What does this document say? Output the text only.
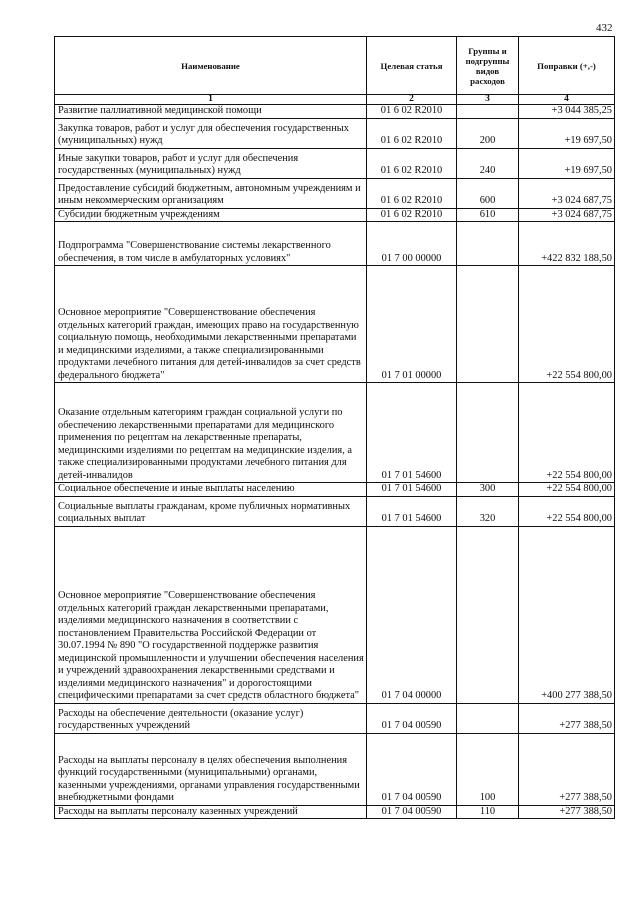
432
Наименование	Целевая статья	Группы и подгруппы видов расходов	Поправки (+,-)
1	2	3	4
Развитие паллиативной медицинской помощи	01 6 02 R2010		+3 044 385,25
Закупка товаров, работ и услуг для обеспечения государственных (муниципальных) нужд	01 6 02 R2010	200	+19 697,50
Иные закупки товаров, работ и услуг для обеспечения государственных (муниципальных) нужд	01 6 02 R2010	240	+19 697,50
Предоставление субсидий бюджетным, автономным учреждениям и иным некоммерческим организациям	01 6 02 R2010	600	+3 024 687,75
Субсидии бюджетным учреждениям	01 6 02 R2010	610	+3 024 687,75
Подпрограмма "Совершенствование системы лекарственного обеспечения, в том числе в амбулаторных условиях"	01 7 00 00000		+422 832 188,50
Основное мероприятие "Совершенствование обеспечения отдельных категорий граждан, имеющих право на государственную социальную помощь, необходимыми лекарственными препаратами и медицинскими изделиями, а также специализированными продуктами лечебного питания для детей-инвалидов за счет средств федерального бюджета"	01 7 01 00000		+22 554 800,00
Оказание отдельным категориям граждан социальной услуги по обеспечению лекарственными препаратами для медицинского применения по рецептам на лекарственные препараты, медицинскими изделиями по рецептам на медицинские изделия, а также специализированными продуктами лечебного питания для детей-инвалидов	01 7 01 54600		+22 554 800,00
Социальное обеспечение и иные выплаты населению	01 7 01 54600	300	+22 554 800,00
Социальные выплаты гражданам, кроме публичных нормативных социальных выплат	01 7 01 54600	320	+22 554 800,00
Основное мероприятие "Совершенствование обеспечения отдельных категорий граждан лекарственными препаратами, изделиями медицинского назначения в соответствии с постановлением Правительства Российской Федерации от 30.07.1994 № 890 "О государственной поддержке развития медицинской промышленности и улучшении обеспечения населения и учреждений здравоохранения лекарственными средствами и изделиями медицинского назначения" и дорогостоящими специфическими препаратами за счет средств областного бюджета"	01 7 04 00000		+400 277 388,50
Расходы на обеспечение деятельности (оказание услуг) государственных учреждений	01 7 04 00590		+277 388,50
Расходы на выплаты персоналу в целях обеспечения выполнения функций государственными (муниципальными) органами, казенными учреждениями, органами управления государственными внебюджетными фондами	01 7 04 00590	100	+277 388,50
Расходы на выплаты персоналу казенных учреждений	01 7 04 00590	110	+277 388,50
